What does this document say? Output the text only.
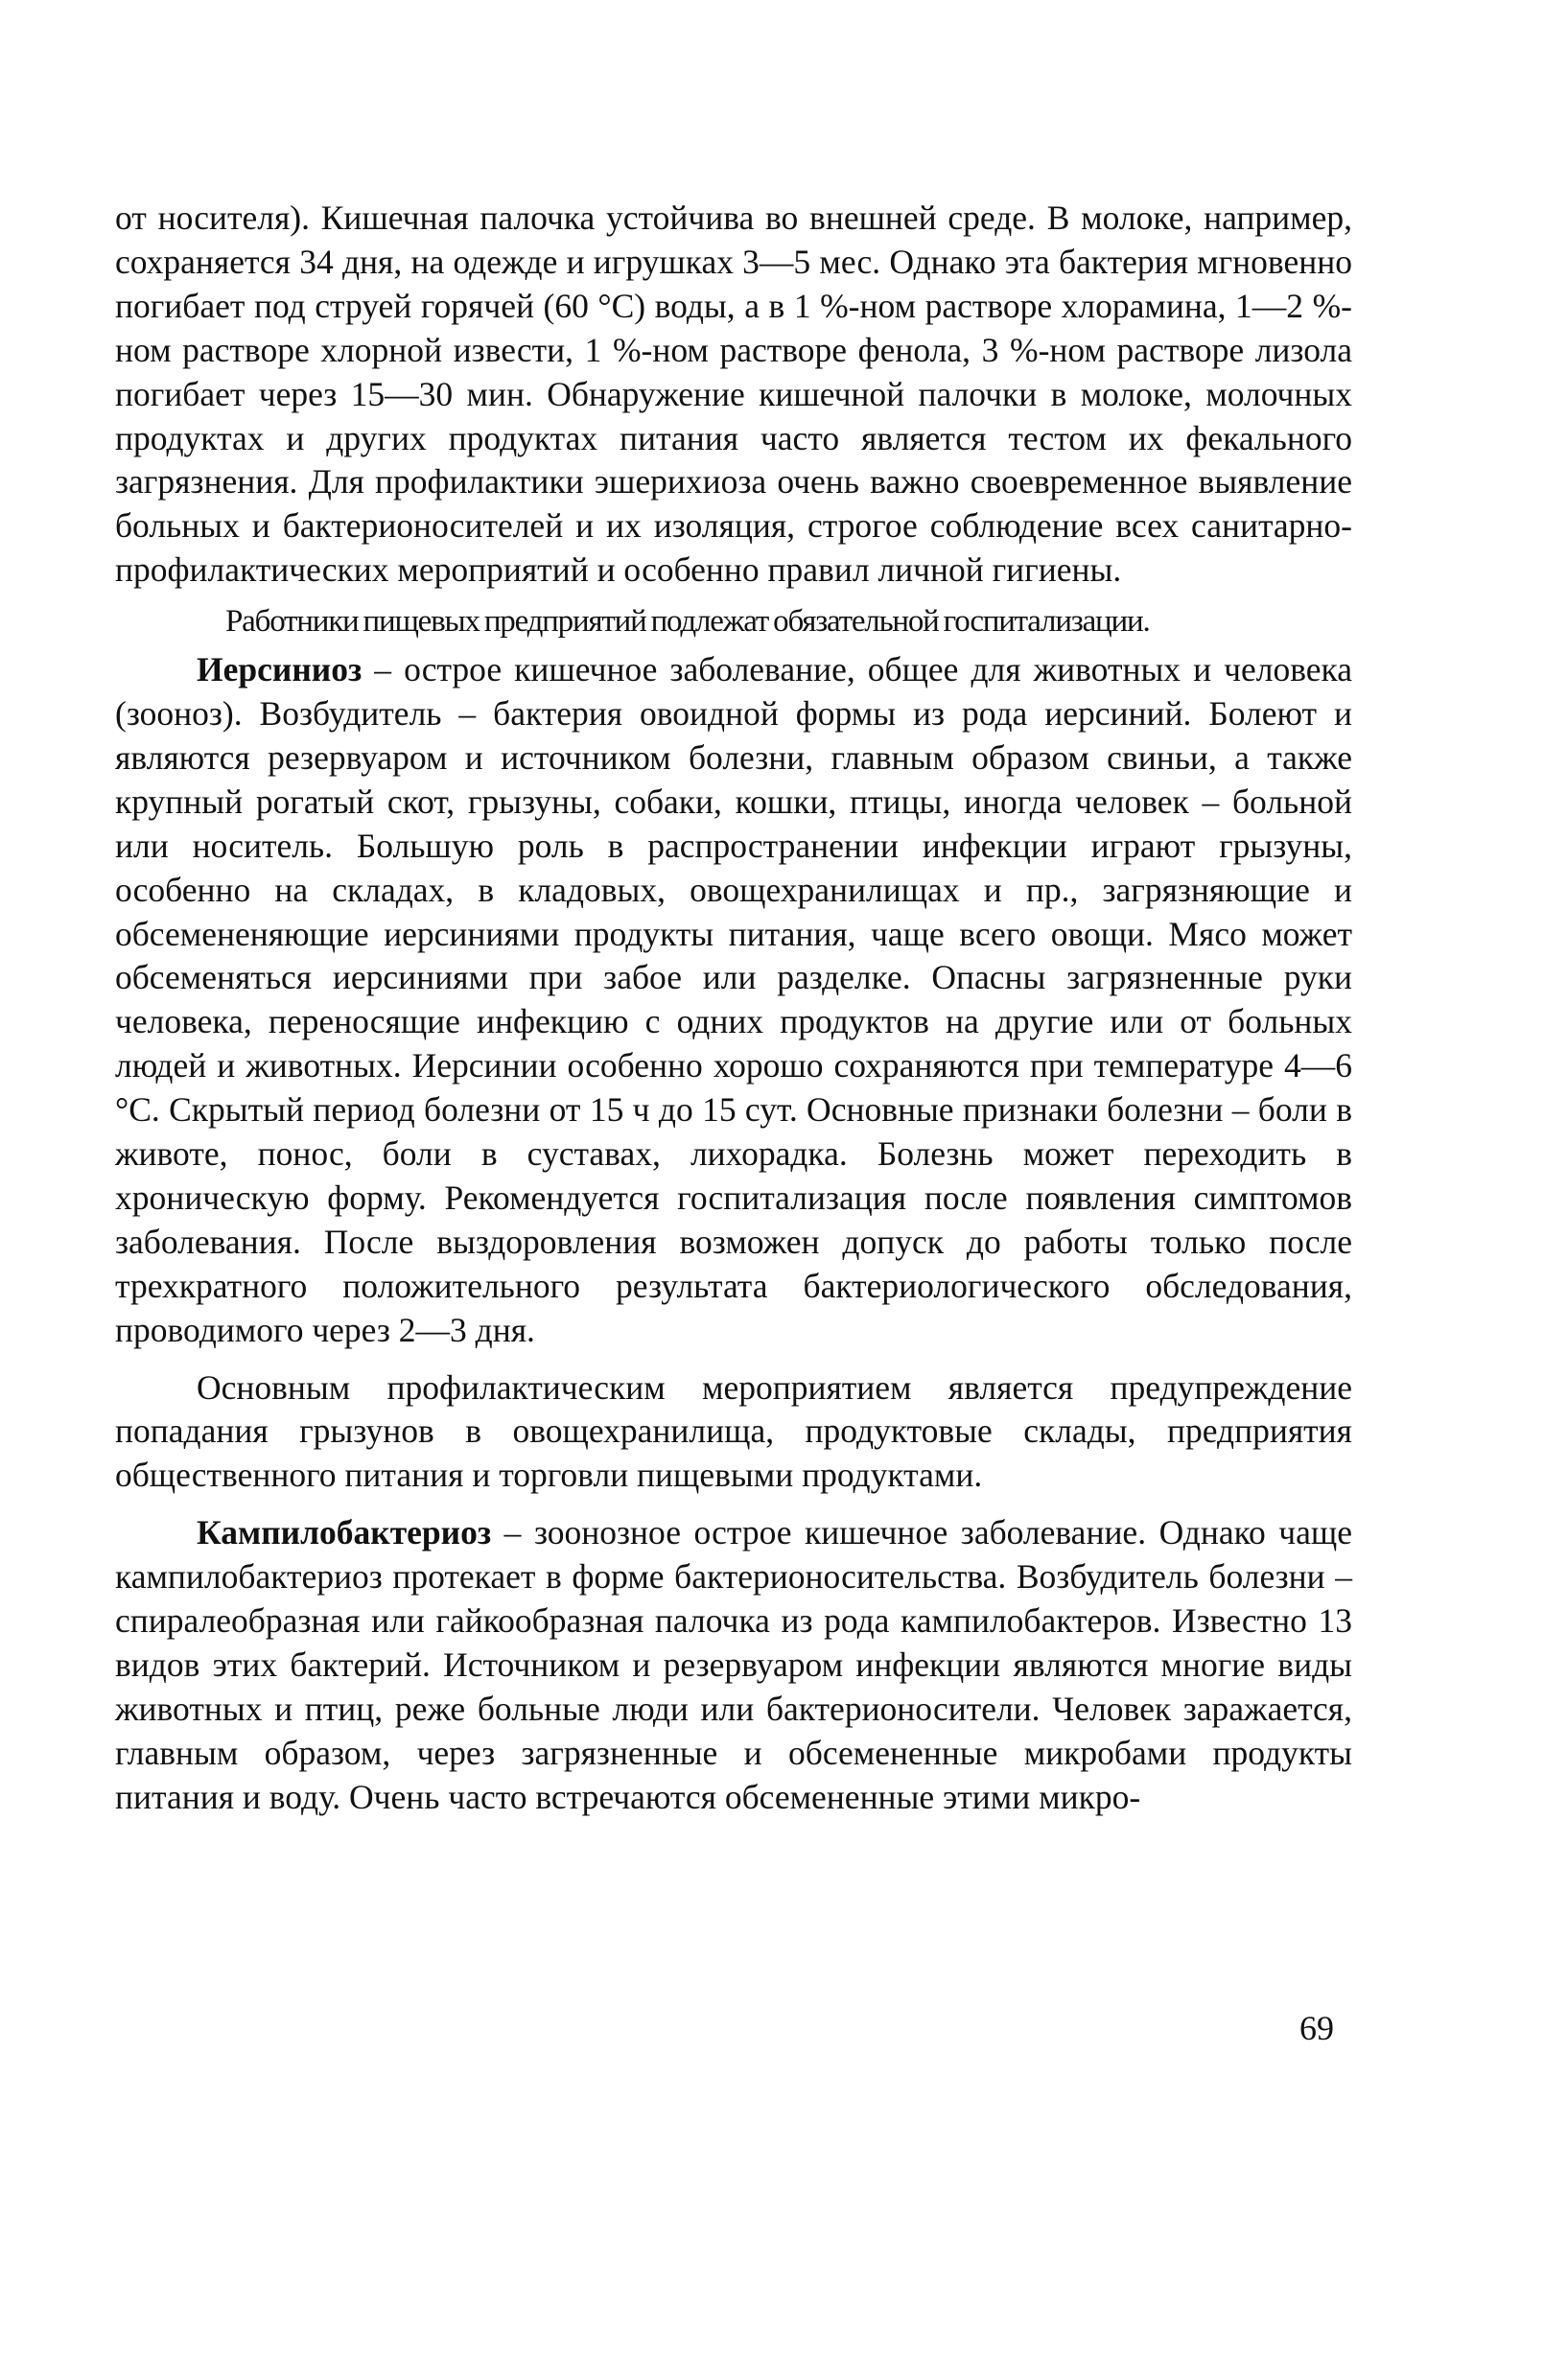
от носителя). Кишечная палочка устойчива во внешней среде. В молоке, например, сохраняется 34 дня, на одежде и игрушках 3—5 мес. Однако эта бактерия мгновенно погибает под струей горячей (60 °С) воды, а в 1 %-ном растворе хлорамина, 1—2 %-ном растворе хлорной извести, 1 %-ном растворе фенола, 3 %-ном растворе лизола погибает через 15—30 мин. Обнаружение кишечной палочки в молоке, молочных продуктах и других продуктах питания часто является тестом их фекального загрязнения. Для профилактики эшерихиоза очень важно своевременное выявление больных и бактерионосителей и их изоляция, строгое соблюдение всех санитарно-профилактических мероприятий и особенно правил личной гигиены.

Работники пищевых предприятий подлежат обязательной госпитализации.

Иерсиниоз – острое кишечное заболевание, общее для животных и человека (зооноз). Возбудитель – бактерия овоидной формы из рода иерсиний. Болеют и являются резервуаром и источником болезни, главным образом свиньи, а также крупный рогатый скот, грызуны, собаки, кошки, птицы, иногда человек – больной или носитель. Большую роль в распространении инфекции играют грызуны, особенно на складах, в кладовых, овощехранилищах и пр., загрязняющие и обсемененяющие иерсиниями продукты питания, чаще всего овощи. Мясо может обсеменяться иерсиниями при забое или разделке. Опасны загрязненные руки человека, переносящие инфекцию с одних продуктов на другие или от больных людей и животных. Иерсинии особенно хорошо сохраняются при температуре 4—6 °С. Скрытый период болезни от 15 ч до 15 сут. Основные признаки болезни – боли в животе, понос, боли в суставах, лихорадка. Болезнь может переходить в хроническую форму. Рекомендуется госпитализация после появления симптомов заболевания. После выздоровления возможен допуск до работы только после трехкратного положительного результата бактериологического обследования, проводимого через 2—3 дня.

Основным профилактическим мероприятием является предупреждение попадания грызунов в овощехранилища, продуктовые склады, предприятия общественного питания и торговли пищевыми продуктами.

Кампилобактериоз – зоонозное острое кишечное заболевание. Однако чаще кампилобактериоз протекает в форме бактерионосительства. Возбудитель болезни – спиралеобразная или гайкообразная палочка из рода кампилобактеров. Известно 13 видов этих бактерий. Источником и резервуаром инфекции являются многие виды животных и птиц, реже больные люди или бактерионосители. Человек заражается, главным образом, через загрязненные и обсемененные микробами продукты питания и воду. Очень часто встречаются обсемененные этими микро-

69
